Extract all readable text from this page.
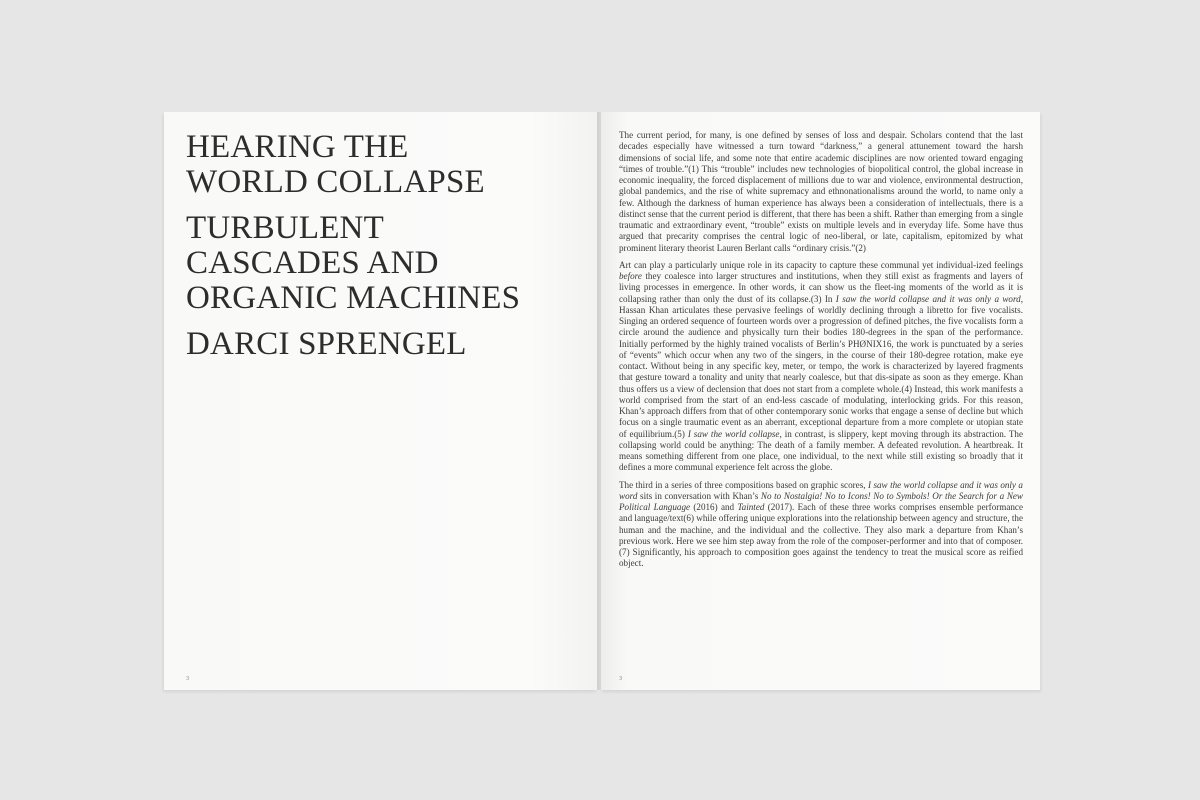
HEARING THE
WORLD COLLAPSE
TURBULENT
CASCADES AND
ORGANIC MACHINES
DARCI SPRENGEL
3

The current period, for many, is one defined by senses of loss and despair. Scholars contend that the last decades especially have witnessed a turn toward “darkness,” a general attunement toward the harsh dimensions of social life, and some note that entire academic disciplines are now oriented toward engaging “times of trouble.”(1) This “trouble” includes new technologies of biopolitical control, the global increase in economic inequality, the forced displacement of millions due to war and violence, environmental destruction, global pandemics, and the rise of white supremacy and ethnonationalisms around the world, to name only a few. Although the darkness of human experience has always been a consideration of intellectuals, there is a distinct sense that the current period is different, that there has been a shift. Rather than emerging from a single traumatic and extraordinary event, “trouble” exists on multiple levels and in everyday life. Some have thus argued that precarity comprises the central logic of neo-liberal, or late, capitalism, epitomized by what prominent literary theorist Lauren Berlant calls “ordinary crisis.”(2)

Art can play a particularly unique role in its capacity to capture these communal yet individual-ized feelings before they coalesce into larger structures and institutions, when they still exist as fragments and layers of living processes in emergence. In other words, it can show us the fleet-ing moments of the world as it is collapsing rather than only the dust of its collapse.(3) In I saw the world collapse and it was only a word, Hassan Khan articulates these pervasive feelings of worldly declining through a libretto for five vocalists. Singing an ordered sequence of fourteen words over a progression of defined pitches, the five vocalists form a circle around the audience and physically turn their bodies 180-degrees in the span of the performance. Initially performed by the highly trained vocalists of Berlin’s PHØNIX16, the work is punctuated by a series of “events” which occur when any two of the singers, in the course of their 180-degree rotation, make eye contact. Without being in any specific key, meter, or tempo, the work is characterized by layered fragments that gesture toward a tonality and unity that nearly coalesce, but that dis-sipate as soon as they emerge. Khan thus offers us a view of declension that does not start from a complete whole.(4) Instead, this work manifests a world comprised from the start of an end-less cascade of modulating, interlocking grids. For this reason, Khan’s approach differs from that of other contemporary sonic works that engage a sense of decline but which focus on a single traumatic event as an aberrant, exceptional departure from a more complete or utopian state of equilibrium.(5) I saw the world collapse, in contrast, is slippery, kept moving through its abstraction. The collapsing world could be anything: The death of a family member. A defeated revolution. A heartbreak. It means something different from one place, one individual, to the next while still existing so broadly that it defines a more communal experience felt across the globe.

The third in a series of three compositions based on graphic scores, I saw the world collapse and it was only a word sits in conversation with Khan’s No to Nostalgia! No to Icons! No to Symbols! Or the Search for a New Political Language (2016) and Tainted (2017). Each of these three works comprises ensemble performance and language/text(6) while offering unique explorations into the relationship between agency and structure, the human and the machine, and the individual and the collective. They also mark a departure from Khan’s previous work. Here we see him step away from the role of the composer-performer and into that of composer.(7) Significantly, his approach to composition goes against the tendency to treat the musical score as reified object.

3
